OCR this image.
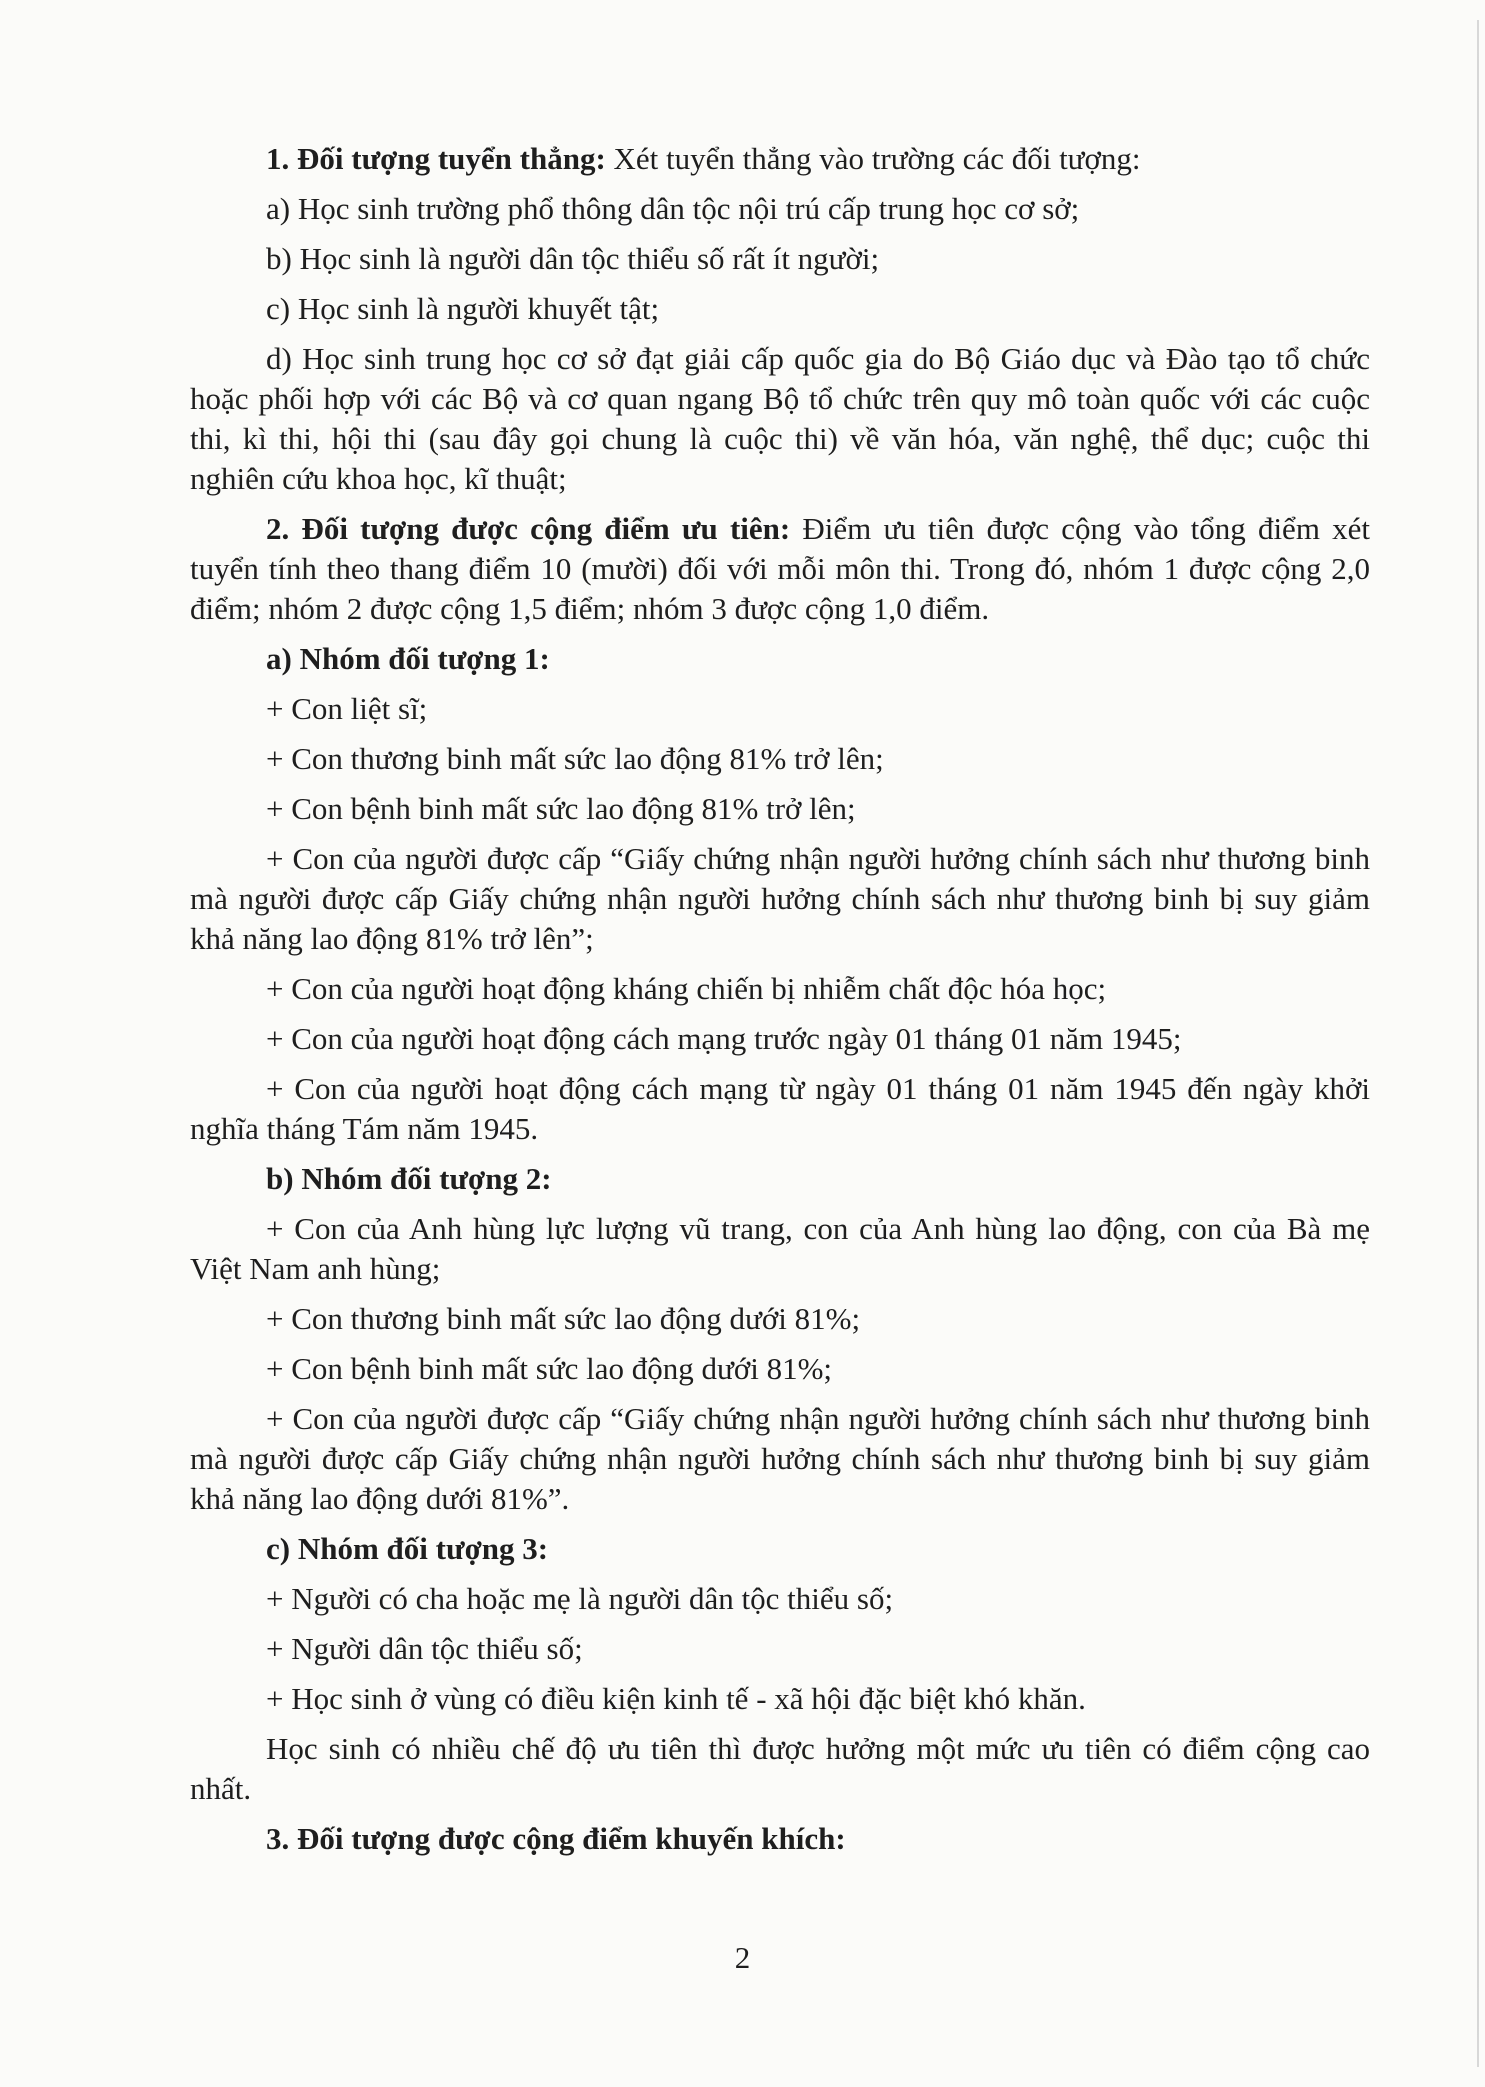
1. Đối tượng tuyển thẳng: Xét tuyển thẳng vào trường các đối tượng:

a) Học sinh trường phổ thông dân tộc nội trú cấp trung học cơ sở;

b) Học sinh là người dân tộc thiểu số rất ít người;

c) Học sinh là người khuyết tật;

d) Học sinh trung học cơ sở đạt giải cấp quốc gia do Bộ Giáo dục và Đào tạo tổ chức hoặc phối hợp với các Bộ và cơ quan ngang Bộ tổ chức trên quy mô toàn quốc với các cuộc thi, kì thi, hội thi (sau đây gọi chung là cuộc thi) về văn hóa, văn nghệ, thể dục; cuộc thi nghiên cứu khoa học, kĩ thuật;

2. Đối tượng được cộng điểm ưu tiên: Điểm ưu tiên được cộng vào tổng điểm xét tuyển tính theo thang điểm 10 (mười) đối với mỗi môn thi. Trong đó, nhóm 1 được cộng 2,0 điểm; nhóm 2 được cộng 1,5 điểm; nhóm 3 được cộng 1,0 điểm.

a) Nhóm đối tượng 1:

+ Con liệt sĩ;

+ Con thương binh mất sức lao động 81% trở lên;

+ Con bệnh binh mất sức lao động 81% trở lên;

+ Con của người được cấp “Giấy chứng nhận người hưởng chính sách như thương binh mà người được cấp Giấy chứng nhận người hưởng chính sách như thương binh bị suy giảm khả năng lao động 81% trở lên”;

+ Con của người hoạt động kháng chiến bị nhiễm chất độc hóa học;

+ Con của người hoạt động cách mạng trước ngày 01 tháng 01 năm 1945;

+ Con của người hoạt động cách mạng từ ngày 01 tháng 01 năm 1945 đến ngày khởi nghĩa tháng Tám năm 1945.

b) Nhóm đối tượng 2:

+ Con của Anh hùng lực lượng vũ trang, con của Anh hùng lao động, con của Bà mẹ Việt Nam anh hùng;

+ Con thương binh mất sức lao động dưới 81%;

+ Con bệnh binh mất sức lao động dưới 81%;

+ Con của người được cấp “Giấy chứng nhận người hưởng chính sách như thương binh mà người được cấp Giấy chứng nhận người hưởng chính sách như thương binh bị suy giảm khả năng lao động dưới 81%”.

c) Nhóm đối tượng 3:

+ Người có cha hoặc mẹ là người dân tộc thiểu số;

+ Người dân tộc thiểu số;

+ Học sinh ở vùng có điều kiện kinh tế - xã hội đặc biệt khó khăn.

Học sinh có nhiều chế độ ưu tiên thì được hưởng một mức ưu tiên có điểm cộng cao nhất.

3. Đối tượng được cộng điểm khuyến khích:

2
